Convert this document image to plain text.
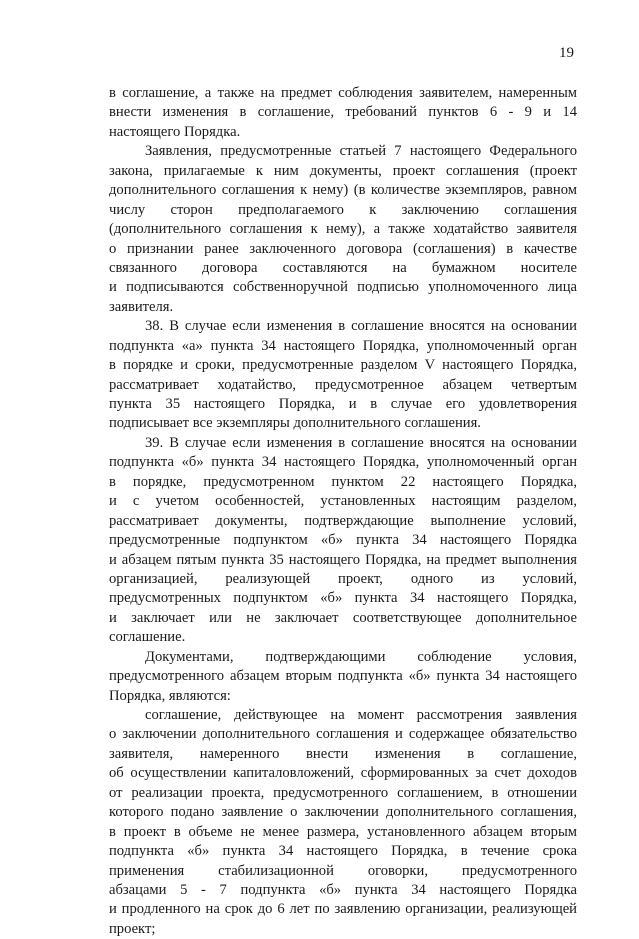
19
в соглашение, а также на предмет соблюдения заявителем, намеренным
внести изменения в соглашение, требований пунктов 6 - 9 и 14
настоящего Порядка.
Заявления, предусмотренные статьей 7 настоящего Федерального
закона, прилагаемые к ним документы, проект соглашения (проект
дополнительного соглашения к нему) (в количестве экземпляров, равном
числу сторон предполагаемого к заключению соглашения
(дополнительного соглашения к нему), а также ходатайство заявителя
о признании ранее заключенного договора (соглашения) в качестве
связанного договора составляются на бумажном носителе
и подписываются собственноручной подписью уполномоченного лица
заявителя.
38. В случае если изменения в соглашение вносятся на основании
подпункта «а» пункта 34 настоящего Порядка, уполномоченный орган
в порядке и сроки, предусмотренные разделом V настоящего Порядка,
рассматривает ходатайство, предусмотренное абзацем четвертым
пункта 35 настоящего Порядка, и в случае его удовлетворения
подписывает все экземпляры дополнительного соглашения.
39. В случае если изменения в соглашение вносятся на основании
подпункта «б» пункта 34 настоящего Порядка, уполномоченный орган
в порядке, предусмотренном пунктом 22 настоящего Порядка,
и с учетом особенностей, установленных настоящим разделом,
рассматривает документы, подтверждающие выполнение условий,
предусмотренные подпунктом «б» пункта 34 настоящего Порядка
и абзацем пятым пункта 35 настоящего Порядка, на предмет выполнения
организацией, реализующей проект, одного из условий,
предусмотренных подпунктом «б» пункта 34 настоящего Порядка,
и заключает или не заключает соответствующее дополнительное
соглашение.
Документами, подтверждающими соблюдение условия,
предусмотренного абзацем вторым подпункта «б» пункта 34 настоящего
Порядка, являются:
соглашение, действующее на момент рассмотрения заявления
о заключении дополнительного соглашения и содержащее обязательство
заявителя, намеренного внести изменения в соглашение,
об осуществлении капиталовложений, сформированных за счет доходов
от реализации проекта, предусмотренного соглашением, в отношении
которого подано заявление о заключении дополнительного соглашения,
в проект в объеме не менее размера, установленного абзацем вторым
подпункта «б» пункта 34 настоящего Порядка, в течение срока
применения стабилизационной оговорки, предусмотренного
абзацами 5 - 7 подпункта «б» пункта 34 настоящего Порядка
и продленного на срок до 6 лет по заявлению организации, реализующей
проект;
